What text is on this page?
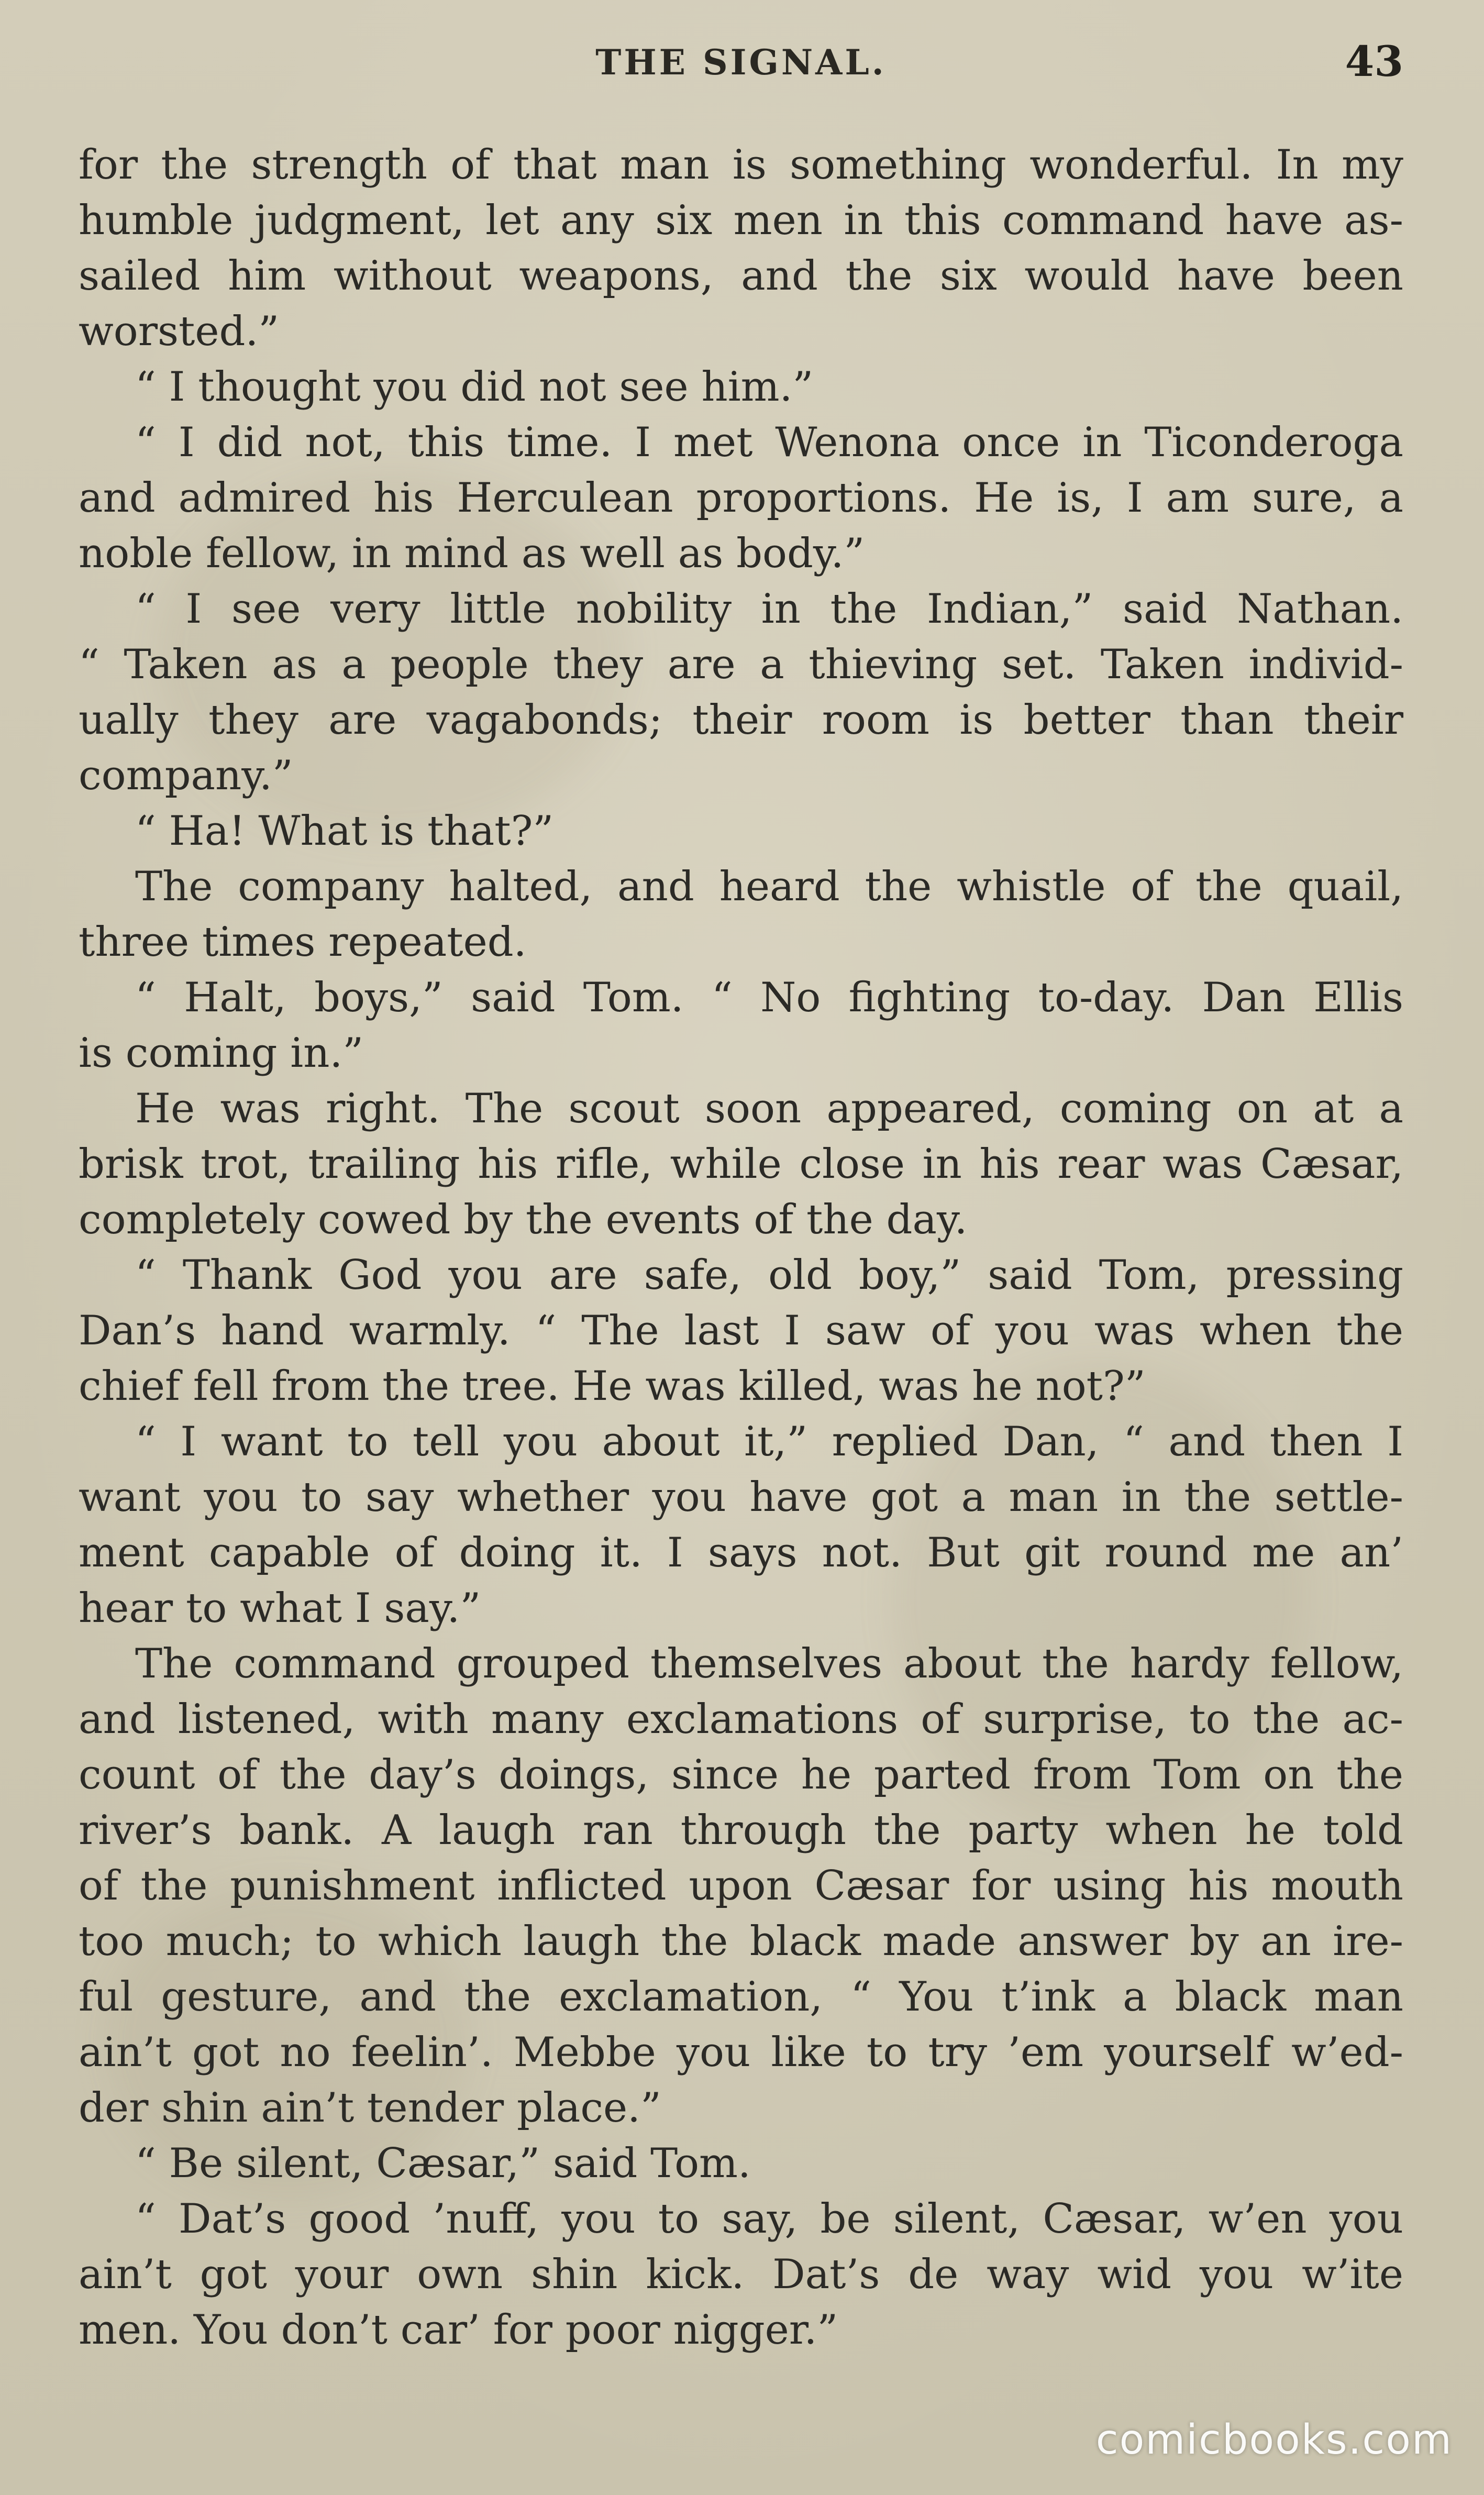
THE SIGNAL.	43
for the strength of that man is something wonderful. In my
humble judgment, let any six men in this command have as-
sailed him without weapons, and the six would have been
worsted.”
“ I thought you did not see him.”
“ I did not, this time. I met Wenona once in Ticonderoga
and admired his Herculean proportions. He is, I am sure, a
noble fellow, in mind as well as body.”
“ I see very little nobility in the Indian,” said Nathan.
“ Taken as a people they are a thieving set. Taken individ-
ually they are vagabonds; their room is better than their
company.”
“ Ha! What is that?”
The company halted, and heard the whistle of the quail,
three times repeated.
“ Halt, boys,” said Tom. “ No fighting to-day. Dan Ellis
is coming in.”
He was right. The scout soon appeared, coming on at a
brisk trot, trailing his rifle, while close in his rear was Cæsar,
completely cowed by the events of the day.
“ Thank God you are safe, old boy,” said Tom, pressing
Dan’s hand warmly. “ The last I saw of you was when the
chief fell from the tree. He was killed, was he not?”
“ I want to tell you about it,” replied Dan, “ and then I
want you to say whether you have got a man in the settle-
ment capable of doing it. I says not. But git round me an’
hear to what I say.”
The command grouped themselves about the hardy fellow,
and listened, with many exclamations of surprise, to the ac-
count of the day’s doings, since he parted from Tom on the
river’s bank. A laugh ran through the party when he told
of the punishment inflicted upon Cæsar for using his mouth
too much; to which laugh the black made answer by an ire-
ful gesture, and the exclamation, “ You t’ink a black man
ain’t got no feelin’. Mebbe you like to try ’em yourself w’ed-
der shin ain’t tender place.”
“ Be silent, Cæsar,” said Tom.
“ Dat’s good ’nuff, you to say, be silent, Cæsar, w’en you
ain’t got your own shin kick. Dat’s de way wid you w’ite
men. You don’t car’ for poor nigger.”
comicbooks.com
